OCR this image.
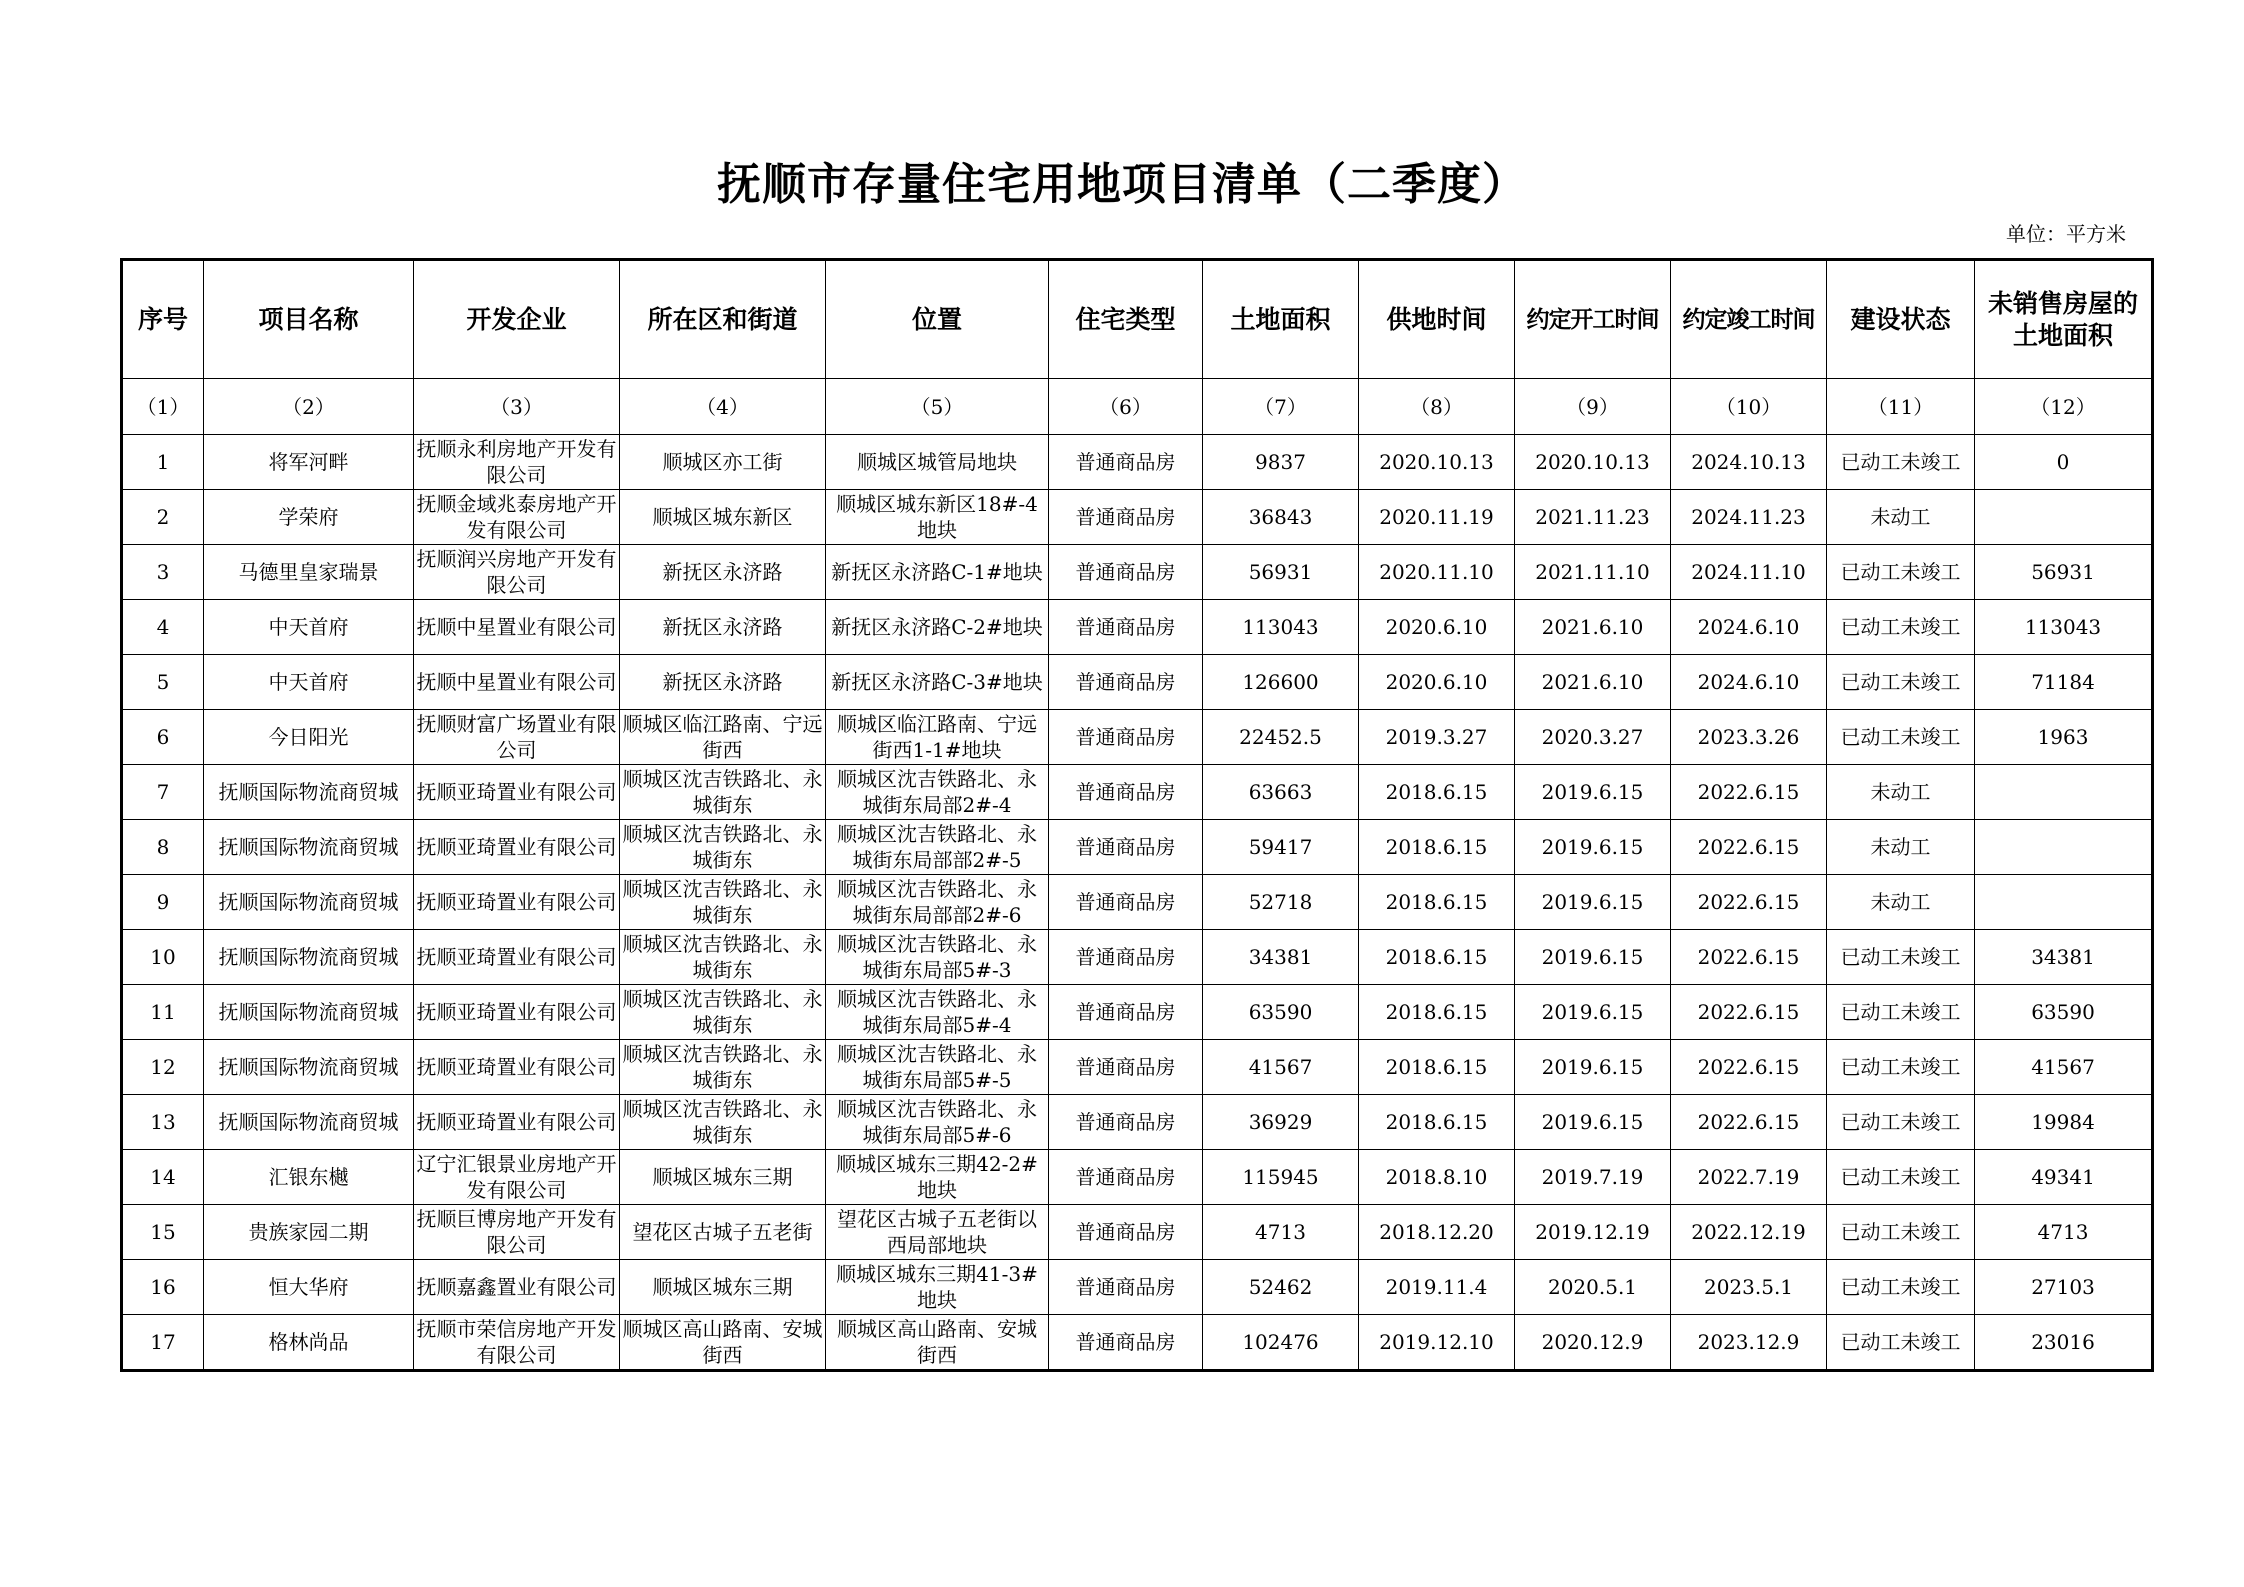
抚顺市存量住宅用地项目清单（二季度）
单位：平方米
序号	项目名称	开发企业	所在区和街道	位置	住宅类型	土地面积	供地时间	约定开工时间	约定竣工时间	建设状态	未销售房屋的土地面积
（1）	（2）	（3）	（4）	（5）	（6）	（7）	（8）	（9）	（10）	（11）	（12）
1	将军河畔	抚顺永利房地产开发有限公司	顺城区亦工街	顺城区城管局地块	普通商品房	9837	2020.10.13	2020.10.13	2024.10.13	已动工未竣工	0
2	学荣府	抚顺金域兆泰房地产开发有限公司	顺城区城东新区	顺城区城东新区18#-4地块	普通商品房	36843	2020.11.19	2021.11.23	2024.11.23	未动工	
3	马德里皇家瑞景	抚顺润兴房地产开发有限公司	新抚区永济路	新抚区永济路C-1#地块	普通商品房	56931	2020.11.10	2021.11.10	2024.11.10	已动工未竣工	56931
4	中天首府	抚顺中星置业有限公司	新抚区永济路	新抚区永济路C-2#地块	普通商品房	113043	2020.6.10	2021.6.10	2024.6.10	已动工未竣工	113043
5	中天首府	抚顺中星置业有限公司	新抚区永济路	新抚区永济路C-3#地块	普通商品房	126600	2020.6.10	2021.6.10	2024.6.10	已动工未竣工	71184
6	今日阳光	抚顺财富广场置业有限公司	顺城区临江路南、宁远街西	顺城区临江路南、宁远街西1-1#地块	普通商品房	22452.5	2019.3.27	2020.3.27	2023.3.26	已动工未竣工	1963
7	抚顺国际物流商贸城	抚顺亚琦置业有限公司	顺城区沈吉铁路北、永城街东	顺城区沈吉铁路北、永城街东局部2#-4	普通商品房	63663	2018.6.15	2019.6.15	2022.6.15	未动工	
8	抚顺国际物流商贸城	抚顺亚琦置业有限公司	顺城区沈吉铁路北、永城街东	顺城区沈吉铁路北、永城街东局部部2#-5	普通商品房	59417	2018.6.15	2019.6.15	2022.6.15	未动工	
9	抚顺国际物流商贸城	抚顺亚琦置业有限公司	顺城区沈吉铁路北、永城街东	顺城区沈吉铁路北、永城街东局部部2#-6	普通商品房	52718	2018.6.15	2019.6.15	2022.6.15	未动工	
10	抚顺国际物流商贸城	抚顺亚琦置业有限公司	顺城区沈吉铁路北、永城街东	顺城区沈吉铁路北、永城街东局部5#-3	普通商品房	34381	2018.6.15	2019.6.15	2022.6.15	已动工未竣工	34381
11	抚顺国际物流商贸城	抚顺亚琦置业有限公司	顺城区沈吉铁路北、永城街东	顺城区沈吉铁路北、永城街东局部5#-4	普通商品房	63590	2018.6.15	2019.6.15	2022.6.15	已动工未竣工	63590
12	抚顺国际物流商贸城	抚顺亚琦置业有限公司	顺城区沈吉铁路北、永城街东	顺城区沈吉铁路北、永城街东局部5#-5	普通商品房	41567	2018.6.15	2019.6.15	2022.6.15	已动工未竣工	41567
13	抚顺国际物流商贸城	抚顺亚琦置业有限公司	顺城区沈吉铁路北、永城街东	顺城区沈吉铁路北、永城街东局部5#-6	普通商品房	36929	2018.6.15	2019.6.15	2022.6.15	已动工未竣工	19984
14	汇银东樾	辽宁汇银景业房地产开发有限公司	顺城区城东三期	顺城区城东三期42-2#地块	普通商品房	115945	2018.8.10	2019.7.19	2022.7.19	已动工未竣工	49341
15	贵族家园二期	抚顺巨博房地产开发有限公司	望花区古城子五老街	望花区古城子五老街以西局部地块	普通商品房	4713	2018.12.20	2019.12.19	2022.12.19	已动工未竣工	4713
16	恒大华府	抚顺嘉鑫置业有限公司	顺城区城东三期	顺城区城东三期41-3#地块	普通商品房	52462	2019.11.4	2020.5.1	2023.5.1	已动工未竣工	27103
17	格林尚品	抚顺市荣信房地产开发有限公司	顺城区高山路南、安城街西	顺城区高山路南、安城街西	普通商品房	102476	2019.12.10	2020.12.9	2023.12.9	已动工未竣工	23016
